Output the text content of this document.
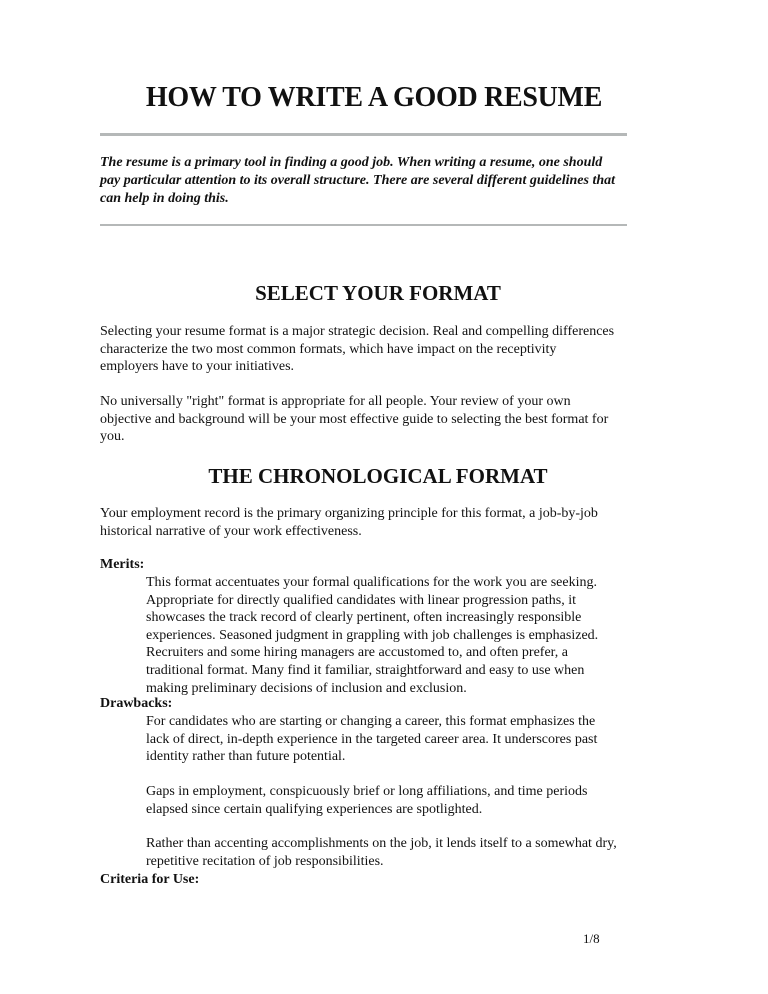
HOW TO WRITE A GOOD RESUME
The resume is a primary tool in finding a good job. When writing a resume, one should
pay particular attention to its overall structure. There are several different guidelines that
can help in doing this.
SELECT YOUR FORMAT
Selecting your resume format is a major strategic decision. Real and compelling differences
characterize the two most common formats, which have impact on the receptivity
employers have to your initiatives.
No universally "right" format is appropriate for all people. Your review of your own
objective and background will be your most effective guide to selecting the best format for
you.
THE CHRONOLOGICAL FORMAT
Your employment record is the primary organizing principle for this format, a job-by-job
historical narrative of your work effectiveness.
Merits:
This format accentuates your formal qualifications for the work you are seeking.
Appropriate for directly qualified candidates with linear progression paths, it
showcases the track record of clearly pertinent, often increasingly responsible
experiences. Seasoned judgment in grappling with job challenges is emphasized.
Recruiters and some hiring managers are accustomed to, and often prefer, a
traditional format. Many find it familiar, straightforward and easy to use when
making preliminary decisions of inclusion and exclusion.
Drawbacks:
For candidates who are starting or changing a career, this format emphasizes the
lack of direct, in-depth experience in the targeted career area. It underscores past
identity rather than future potential.
Gaps in employment, conspicuously brief or long affiliations, and time periods
elapsed since certain qualifying experiences are spotlighted.
Rather than accenting accomplishments on the job, it lends itself to a somewhat dry,
repetitive recitation of job responsibilities.
Criteria for Use:
1/8
